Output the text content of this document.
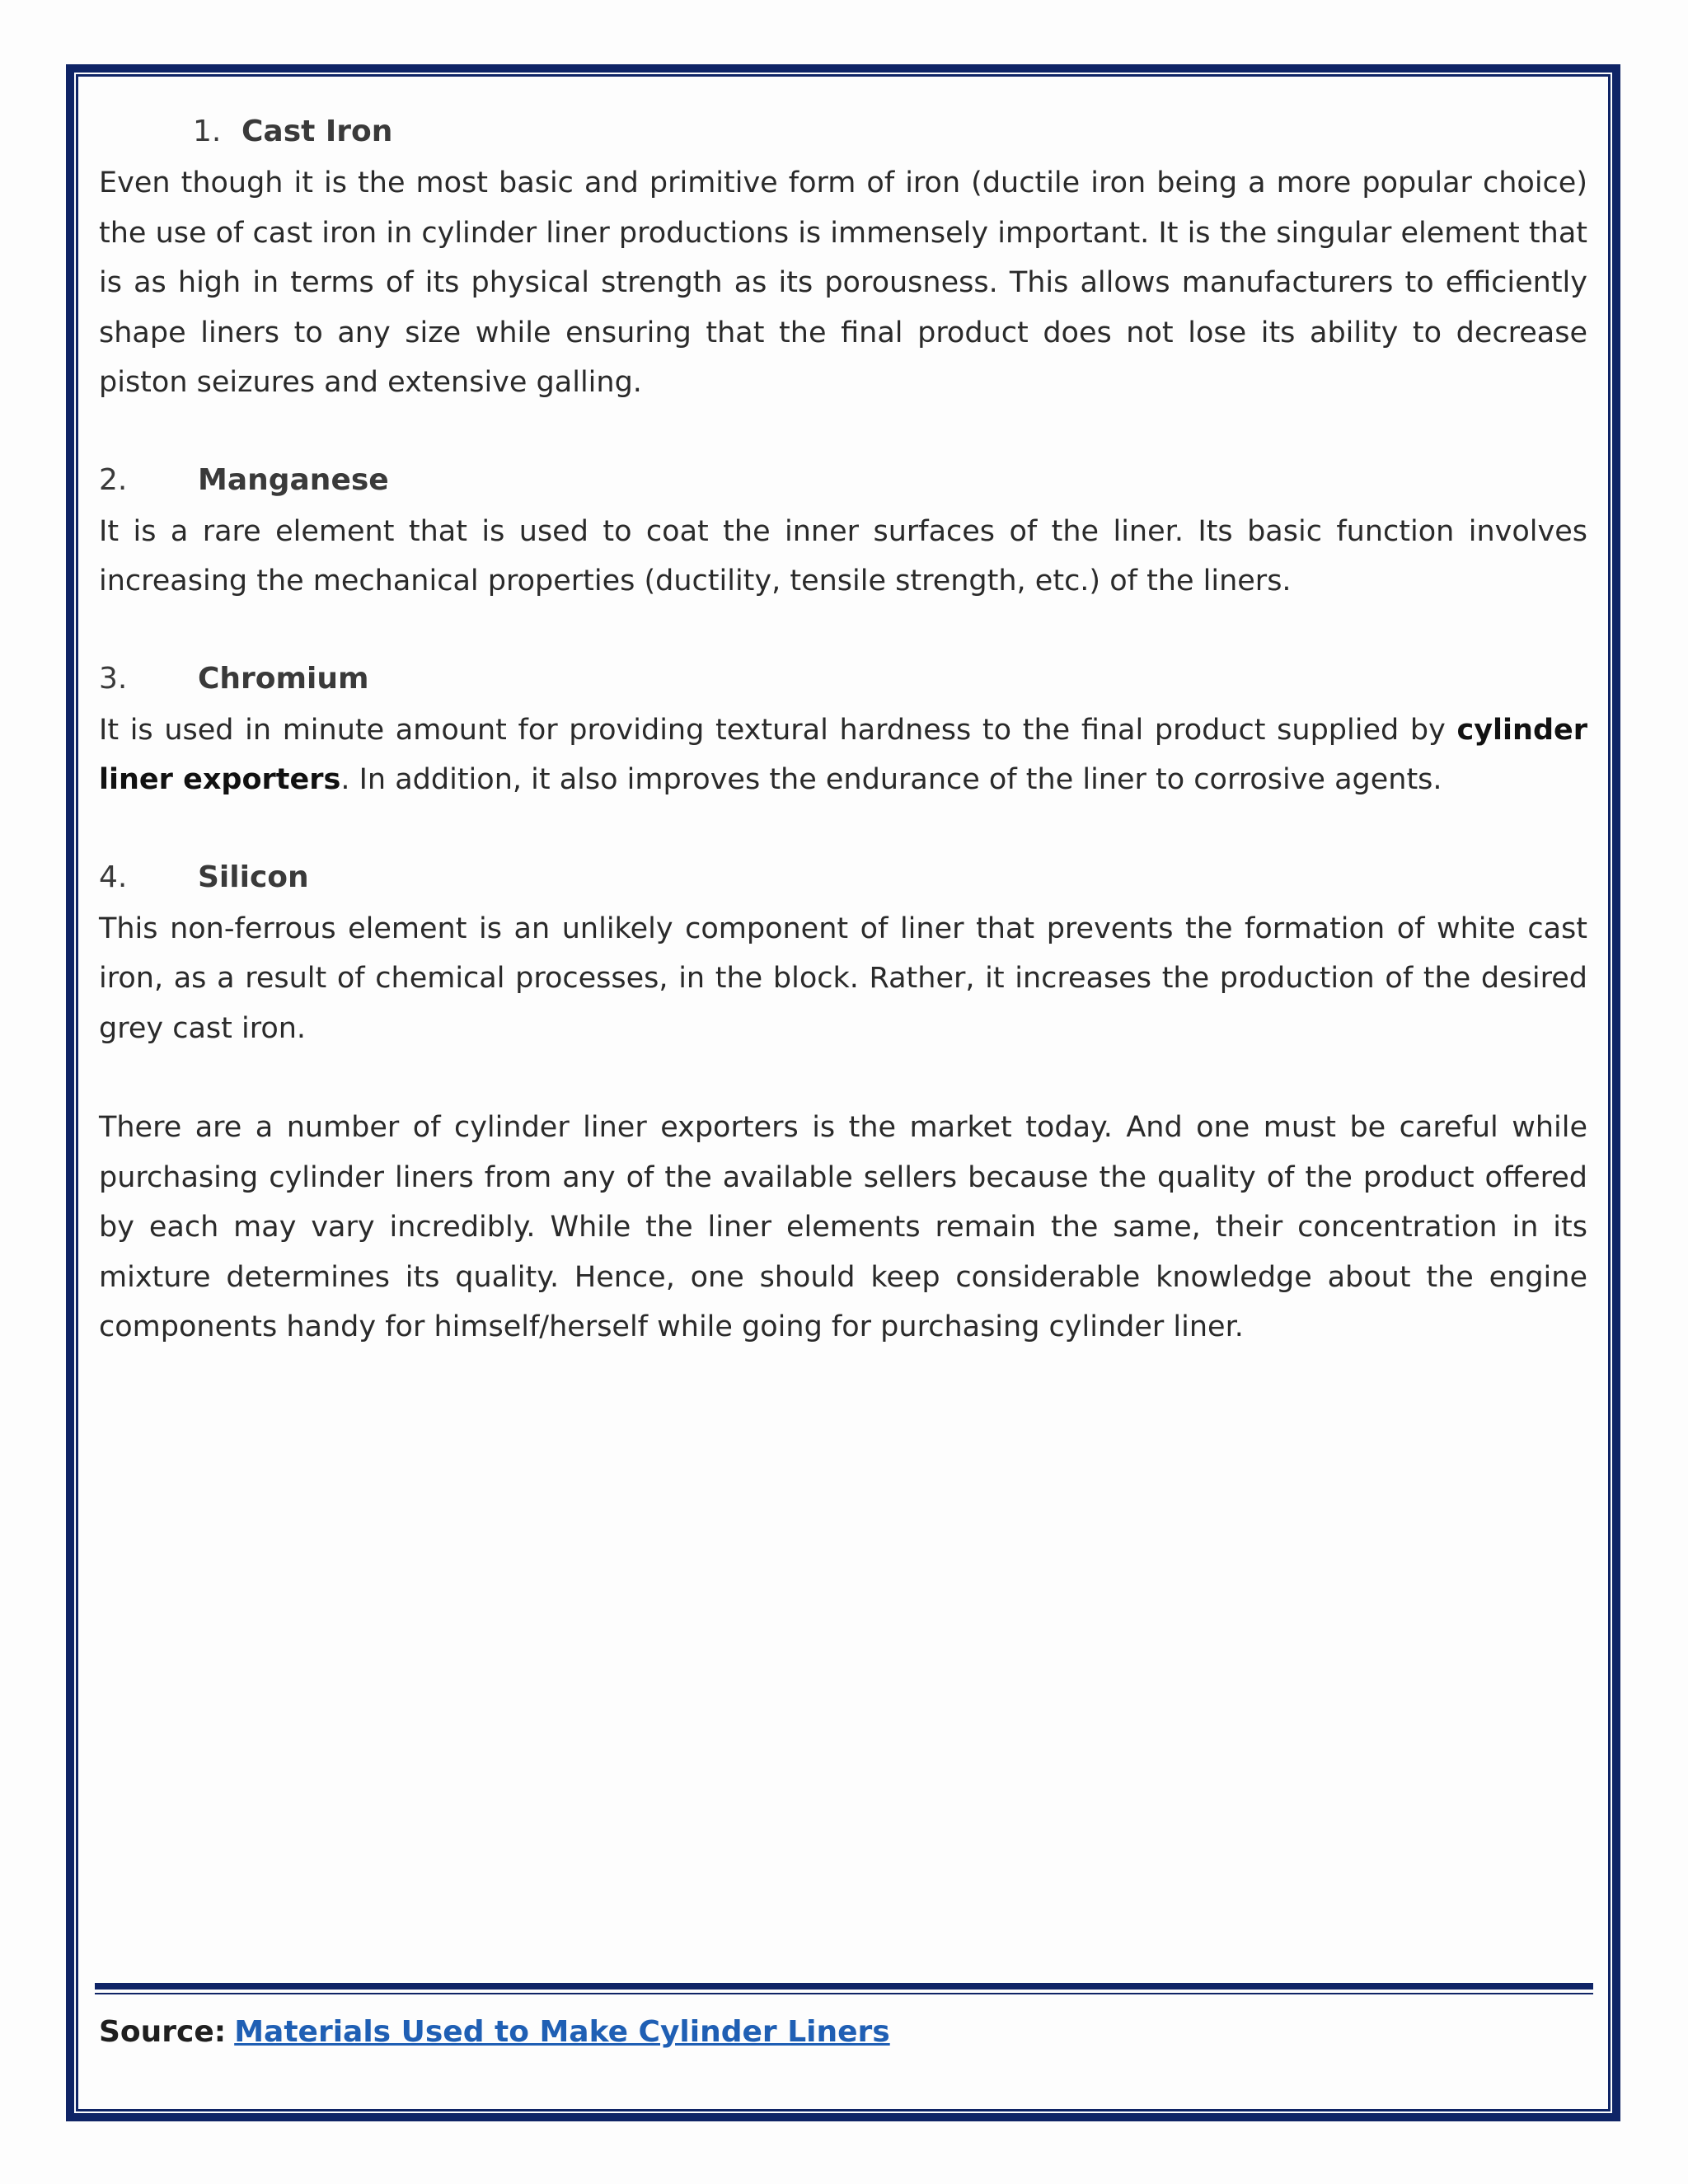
1. Cast Iron

Even though it is the most basic and primitive form of iron (ductile iron being a more popular choice) the use of cast iron in cylinder liner productions is immensely important. It is the singular element that is as high in terms of its physical strength as its porousness. This allows manufacturers to efficiently shape liners to any size while ensuring that the final product does not lose its ability to decrease piston seizures and extensive galling.

2. Manganese

It is a rare element that is used to coat the inner surfaces of the liner. Its basic function involves increasing the mechanical properties (ductility, tensile strength, etc.) of the liners.

3. Chromium

It is used in minute amount for providing textural hardness to the final product supplied by cylinder liner exporters. In addition, it also improves the endurance of the liner to corrosive agents.

4. Silicon

This non-ferrous element is an unlikely component of liner that prevents the formation of white cast iron, as a result of chemical processes, in the block. Rather, it increases the production of the desired grey cast iron.

There are a number of cylinder liner exporters is the market today. And one must be careful while purchasing cylinder liners from any of the available sellers because the quality of the product offered by each may vary incredibly. While the liner elements remain the same, their concentration in its mixture determines its quality. Hence, one should keep considerable knowledge about the engine components handy for himself/herself while going for purchasing cylinder liner.

Source: Materials Used to Make Cylinder Liners
